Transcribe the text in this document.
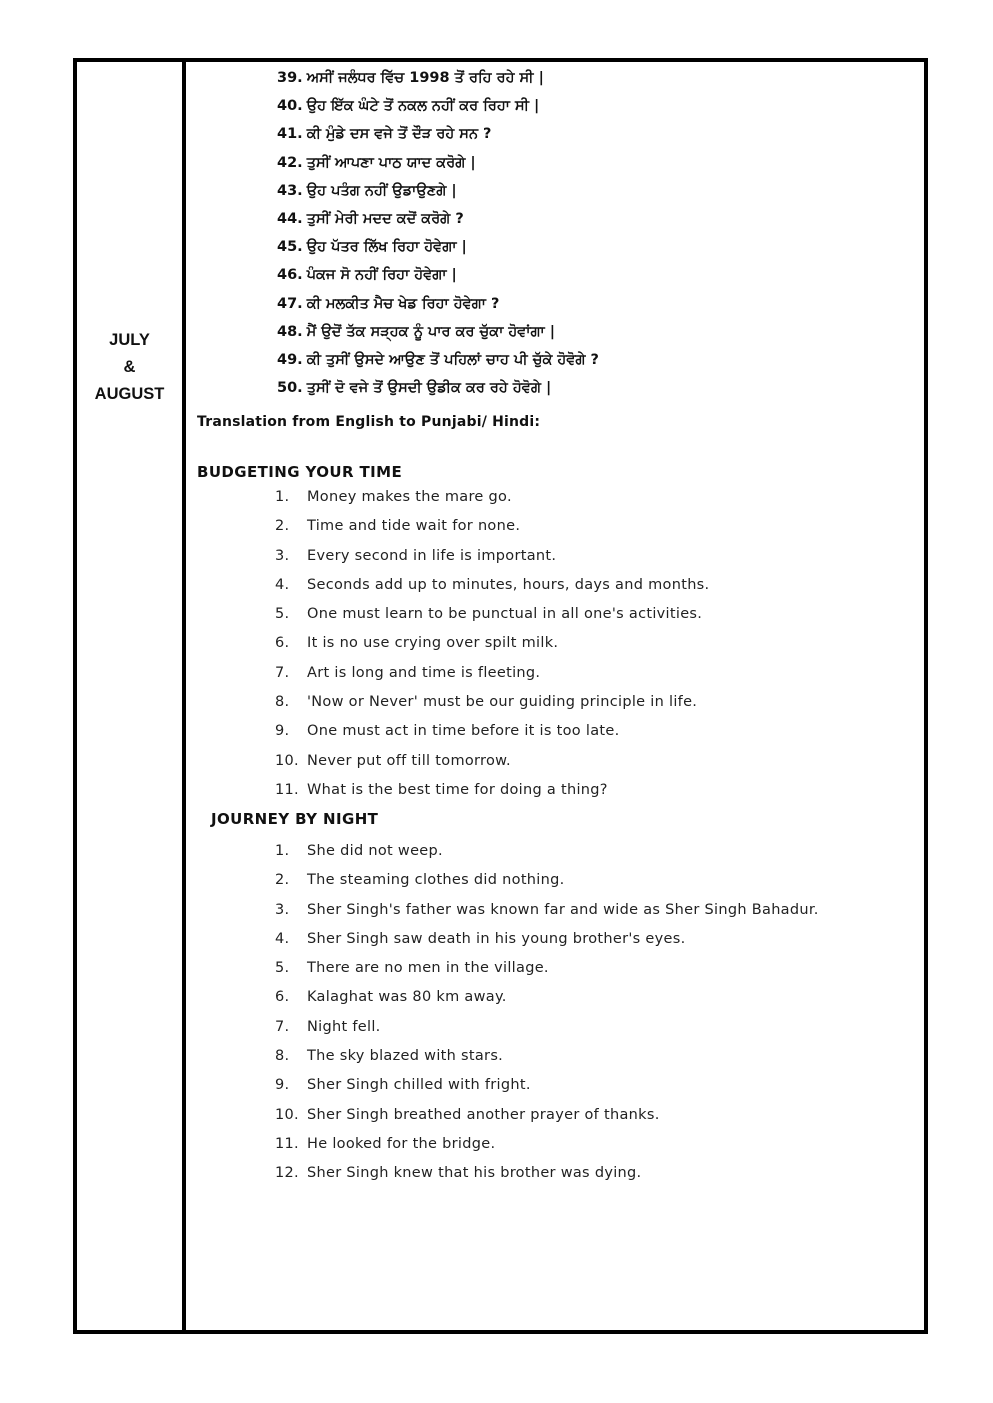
JULY
&
AUGUST
39. ਅਸੀਂ ਜਲੰਧਰ ਵਿੱਚ 1998 ਤੋਂ ਰਹਿ ਰਹੇ ਸੀ |
40. ਉਹ ਇੱਕ ਘੰਟੇ ਤੋਂ ਨਕਲ ਨਹੀਂ ਕਰ ਰਿਹਾ ਸੀ |
41. ਕੀ ਮੁੰਡੇ ਦਸ ਵਜੇ ਤੋਂ ਦੌੜ ਰਹੇ ਸਨ ?
42. ਤੁਸੀਂ ਆਪਣਾ ਪਾਠ ਯਾਦ ਕਰੋਗੇ |
43. ਉਹ ਪਤੰਗ ਨਹੀਂ ਉਡਾਉਣਗੇ |
44. ਤੁਸੀਂ ਮੇਰੀ ਮਦਦ ਕਦੋਂ ਕਰੋਗੇ ?
45. ਉਹ ਪੱਤਰ ਲਿੱਖ ਰਿਹਾ ਹੋਵੇਗਾ |
46. ਪੰਕਜ ਸੋ ਨਹੀਂ ਰਿਹਾ ਹੋਵੇਗਾ |
47. ਕੀ ਮਲਕੀਤ ਮੈਚ ਖੇਡ ਰਿਹਾ ਹੋਵੇਗਾ ?
48. ਮੈਂ ਉਦੋਂ ਤੱਕ ਸੜ੍ਹਕ ਨੂੰ ਪਾਰ ਕਰ ਚੁੱਕਾ ਹੋਵਾਂਗਾ |
49. ਕੀ ਤੁਸੀਂ ਉਸਦੇ ਆਉਣ ਤੋਂ ਪਹਿਲਾਂ ਚਾਹ ਪੀ ਚੁੱਕੇ ਹੋਵੋਗੇ ?
50. ਤੁਸੀਂ ਦੋ ਵਜੇ ਤੋਂ ਉਸਦੀ ਉਡੀਕ ਕਰ ਰਹੇ ਹੋਵੋਗੇ |
Translation from English to Punjabi/ Hindi:
BUDGETING YOUR TIME
1. Money makes the mare go.
2. Time and tide wait for none.
3. Every second in life is important.
4. Seconds add up to minutes, hours, days and months.
5. One must learn to be punctual in all one's activities.
6. It is no use crying over spilt milk.
7. Art is long and time is fleeting.
8. 'Now or Never' must be our guiding principle in life.
9. One must act in time before it is too late.
10. Never put off till tomorrow.
11. What is the best time for doing a thing?
JOURNEY BY NIGHT
1. She did not weep.
2. The steaming clothes did nothing.
3. Sher Singh's father was known far and wide as Sher Singh Bahadur.
4. Sher Singh saw death in his young brother's eyes.
5. There are no men in the village.
6. Kalaghat was 80 km away.
7. Night fell.
8. The sky blazed with stars.
9. Sher Singh chilled with fright.
10. Sher Singh breathed another prayer of thanks.
11. He looked for the bridge.
12. Sher Singh knew that his brother was dying.
